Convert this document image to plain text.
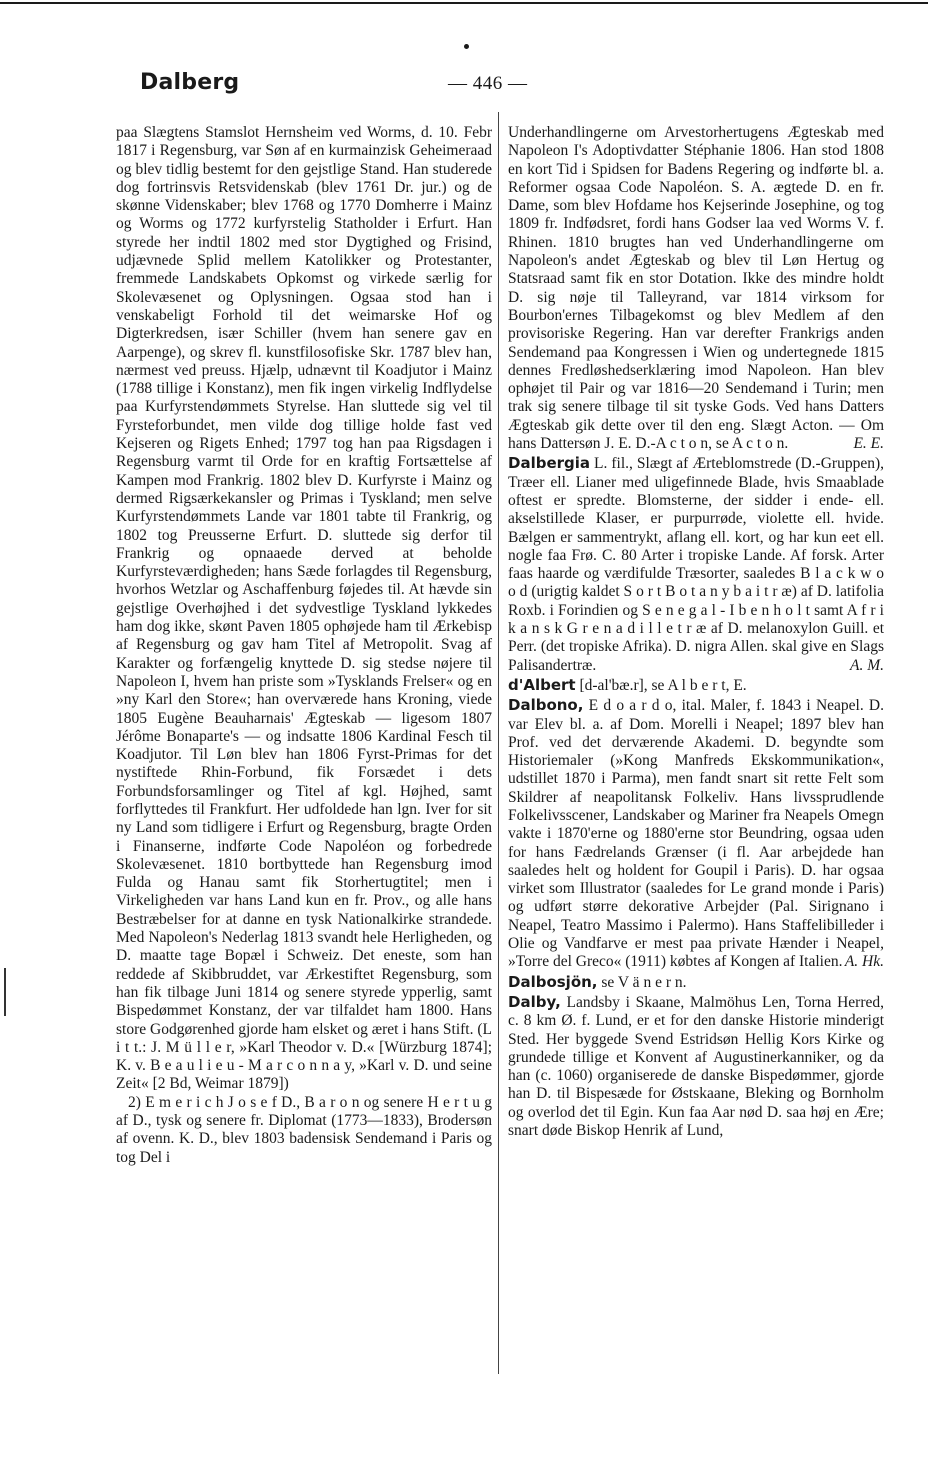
Dalberg	— 446 —

paa Slægtens Stamslot Hernsheim ved Worms, d. 10. Febr 1817 i Regensburg, var Søn af en kurmainzisk Geheimeraad og blev tidlig bestemt for den gejstlige Stand. Han studerede dog fortrinsvis Retsvidenskab (blev 1761 Dr. jur.) og de skønne Videnskaber; blev 1768 og 1770 Domherre i Mainz og Worms og 1772 kurfyrstelig Statholder i Erfurt. Han styrede her indtil 1802 med stor Dygtighed og Frisind, udjævnede Splid mellem Katolikker og Protestanter, fremmede Landskabets Opkomst og virkede særlig for Skolevæsenet og Oplysningen. Ogsaa stod han i venskabeligt Forhold til det weimarske Hof og Digterkredsen, især Schiller (hvem han senere gav en Aarpenge), og skrev fl. kunstfilosofiske Skr. 1787 blev han, nærmest ved preuss. Hjælp, udnævnt til Koadjutor i Mainz (1788 tillige i Konstanz), men fik ingen virkelig Indflydelse paa Kurfyrstendømmets Styrelse. Han sluttede sig vel til Fyrsteforbundet, men vilde dog tillige holde fast ved Kejseren og Rigets Enhed; 1797 tog han paa Rigsdagen i Regensburg varmt til Orde for en kraftig Fortsættelse af Kampen mod Frankrig. 1802 blev D. Kurfyrste i Mainz og dermed Rigsærkekansler og Primas i Tyskland; men selve Kurfyrstendømmets Lande var 1801 tabte til Frankrig, og 1802 tog Preusserne Erfurt. D. sluttede sig derfor til Frankrig og opnaaede derved at beholde Kurfyrsteværdigheden; hans Sæde forlagdes til Regensburg, hvorhos Wetzlar og Aschaffenburg føjedes til. At hævde sin gejstlige Overhøjhed i det sydvestlige Tyskland lykkedes ham dog ikke, skønt Paven 1805 ophøjede ham til Ærkebisp af Regensburg og gav ham Titel af Metropolit. Svag af Karakter og forfængelig knyttede D. sig stedse nøjere til Napoleon I, hvem han priste som »Tysklands Frelser« og en »ny Karl den Store«; han overværede hans Kroning, viede 1805 Eugène Beauharnais' Ægteskab — ligesom 1807 Jérôme Bonaparte's — og indsatte 1806 Kardinal Fesch til Koadjutor. Til Løn blev han 1806 Fyrst-Primas for det nystiftede Rhin-Forbund, fik Forsædet i dets Forbundsforsamlinger og Titel af kgl. Højhed, samt forflyttedes til Frankfurt. Her udfoldede han lgn. Iver for sit ny Land som tidligere i Erfurt og Regensburg, bragte Orden i Finanserne, indførte Code Napoléon og forbedrede Skolevæsenet. 1810 bortbyttede han Regensburg imod Fulda og Hanau samt fik Storhertugtitel; men i Virkeligheden var hans Land kun en fr. Prov., og alle hans Bestræbelser for at danne en tysk Nationalkirke strandede. Med Napoleon's Nederlag 1813 svandt hele Herligheden, og D. maatte tage Bopæl i Schweiz. Det eneste, som han reddede af Skibbruddet, var Ærkestiftet Regensburg, som han fik tilbage Juni 1814 og senere styrede ypperlig, samt Bispedømmet Konstanz, der var tilfaldet ham 1800. Hans store Godgørenhed gjorde ham elsket og æret i hans Stift. (L i t t.: J. M ü l l e r, »Karl Theodor v. D.« [Würzburg 1874]; K. v. B e a u l i e u - M a r c o n n a y, »Karl v. D. und seine Zeit« [2 Bd, Weimar 1879])

2) E m e r i c h J o s e f D., B a r o n og senere H e r t u g af D., tysk og senere fr. Diplomat (1773—1833), Brodersøn af ovenn. K. D., blev 1803 badensisk Sendemand i Paris og tog Del i

Underhandlingerne om Arvestorhertugens Ægteskab med Napoleon I's Adoptivdatter Stéphanie 1806. Han stod 1808 en kort Tid i Spidsen for Badens Regering og indførte bl. a. Reformer ogsaa Code Napoléon. S. A. ægtede D. en fr. Dame, som blev Hofdame hos Kejserinde Josephine, og tog 1809 fr. Indfødsret, fordi hans Godser laa ved Worms V. f. Rhinen. 1810 brugtes han ved Underhandlingerne om Napoleon's andet Ægteskab og blev til Løn Hertug og Statsraad samt fik en stor Dotation. Ikke des mindre holdt D. sig nøje til Talleyrand, var 1814 virksom for Bourbon'ernes Tilbagekomst og blev Medlem af den provisoriske Regering. Han var derefter Frankrigs anden Sendemand paa Kongressen i Wien og undertegnede 1815 dennes Fredløshedserklæring imod Napoleon. Han blev ophøjet til Pair og var 1816—20 Sendemand i Turin; men trak sig senere tilbage til sit tyske Gods. Ved hans Datters Ægteskab gik dette over til den eng. Slægt Acton. — Om hans Dattersøn J. E. D.-A c t o n, se A c t o n.	E. E.

Dalbergia L. fil., Slægt af Ærteblomstrede (D.-Gruppen), Træer ell. Lianer med uligefinnede Blade, hvis Smaablade oftest er spredte. Blomsterne, der sidder i ende- ell. akselstillede Klaser, er purpurrøde, violette ell. hvide. Bælgen er sammentrykt, aflang ell. kort, og har kun eet ell. nogle faa Frø. C. 80 Arter i tropiske Lande. Af forsk. Arter faas haarde og værdifulde Træsorter, saaledes B l a c k w o o d (urigtig kaldet S o r t B o t a n y b a i t r æ) af D. latifolia Roxb. i Forindien og S e n e g a l - I b e n h o l t samt A f r i k a n s k G r e n a d i l l e t r æ af D. melanoxylon Guill. et Perr. (det tropiske Afrika). D. nigra Allen. skal give en Slags Palisandertræ.	A. M.

d'Albert [d-al'bæ.r], se A l b e r t, E.

Dalbono, E d o a r d o, ital. Maler, f. 1843 i Neapel. D. var Elev bl. a. af Dom. Morelli i Neapel; 1897 blev han Prof. ved det derværende Akademi. D. begyndte som Historiemaler (»Kong Manfreds Ekskommunikation«, udstillet 1870 i Parma), men fandt snart sit rette Felt som Skildrer af neapolitansk Folkeliv. Hans livssprudlende Folkelivsscener, Landskaber og Mariner fra Neapels Omegn vakte i 1870'erne og 1880'erne stor Beundring, ogsaa uden for hans Fædrelands Grænser (i fl. Aar arbejdede han saaledes helt og holdent for Goupil i Paris). D. har ogsaa virket som Illustrator (saaledes for Le grand monde i Paris) og udført større dekorative Arbejder (Pal. Sirignano i Neapel, Teatro Massimo i Palermo). Hans Staffelibilleder i Olie og Vandfarve er mest paa private Hænder i Neapel, »Torre del Greco« (1911) købtes af Kongen af Italien. A. Hk.

Dalbosjön, se V ä n e r n.

Dalby, Landsby i Skaane, Malmöhus Len, Torna Herred, c. 8 km Ø. f. Lund, er et for den danske Historie minderigt Sted. Her byggede Svend Estridsøn Hellig Kors Kirke og grundede tillige et Konvent af Augustinerkanniker, og da han (c. 1060) organiserede de danske Bispedømmer, gjorde han D. til Bispesæde for Østskaane, Bleking og Bornholm og overlod det til Egin. Kun faa Aar nød D. saa høj en Ære; snart døde Biskop Henrik af Lund,
